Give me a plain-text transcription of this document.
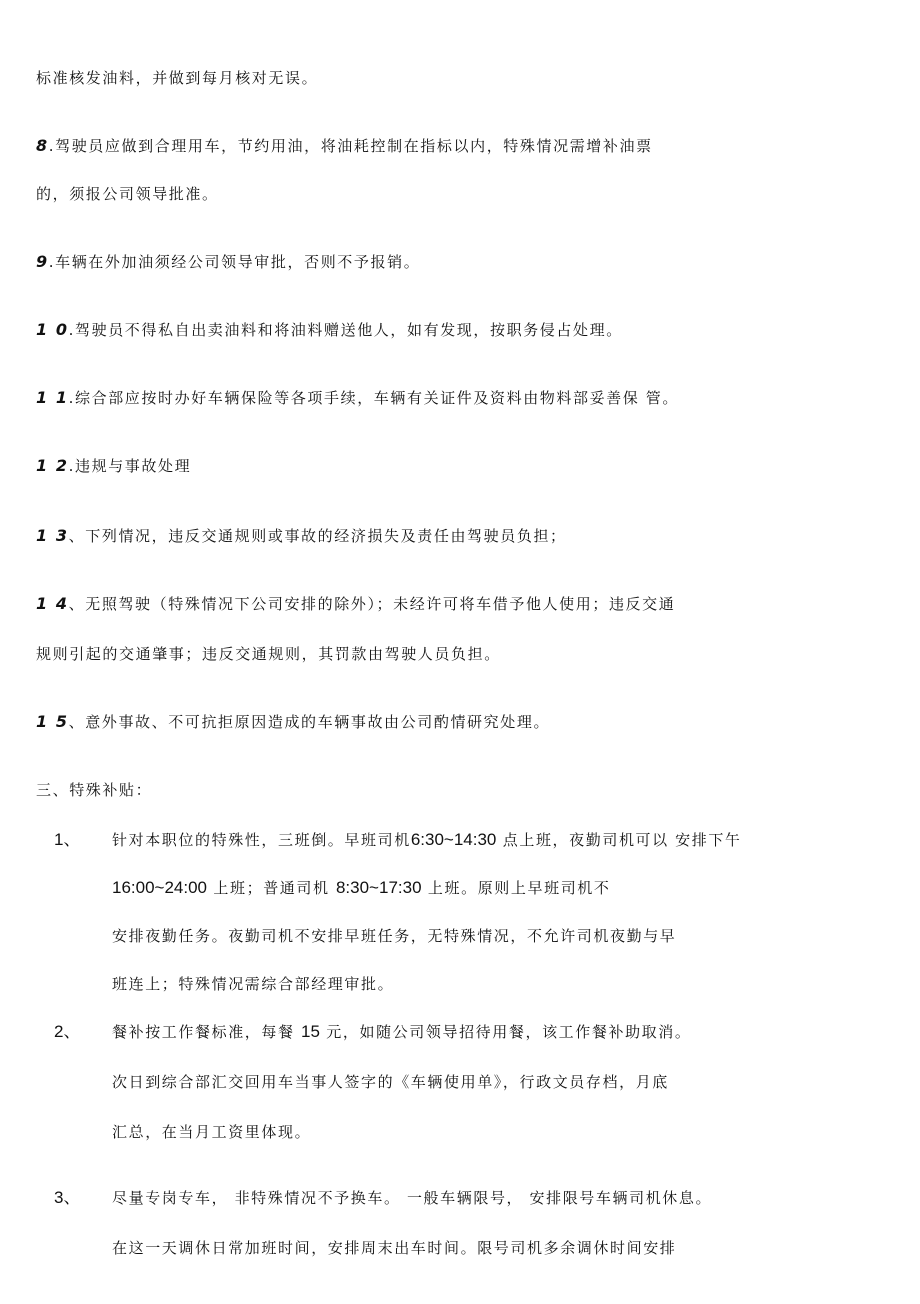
标准核发油料，并做到每月核对无误。
8.驾驶员应做到合理用车，节约用油，将油耗控制在指标以内，特殊情况需增补油票
的，须报公司领导批准。
9.车辆在外加油须经公司领导审批，否则不予报销。
1 0.驾驶员不得私自出卖油料和将油料赠送他人，如有发现，按职务侵占处理。
1 1.综合部应按时办好车辆保险等各项手续，车辆有关证件及资料由物料部妥善保 管。
1 2.违规与事故处理
1 3、下列情况，违反交通规则或事故的经济损失及责任由驾驶员负担；
1 4、无照驾驶（特殊情况下公司安排的除外）；未经许可将车借予他人使用；违反交通
规则引起的交通肇事；违反交通规则，其罚款由驾驶人员负担。
1 5、意外事故、不可抗拒原因造成的车辆事故由公司酌情研究处理。
三、特殊补贴：
1、 针对本职位的特殊性，三班倒。早班司机6:30~14:30 点上班，夜勤司机可以 安排下午
16:00~24:00 上班；普通司机 8:30~17:30 上班。原则上早班司机不
安排夜勤任务。夜勤司机不安排早班任务，无特殊情况，不允许司机夜勤与早
班连上；特殊情况需综合部经理审批。
2、 餐补按工作餐标准，每餐 15 元，如随公司领导招待用餐，该工作餐补助取消。
次日到综合部汇交回用车当事人签字的《车辆使用单》，行政文员存档，月底
汇总，在当月工资里体现。
3、 尽量专岗专车， 非特殊情况不予换车。 一般车辆限号， 安排限号车辆司机休息。
在这一天调休日常加班时间，安排周末出车时间。限号司机多余调休时间安排
